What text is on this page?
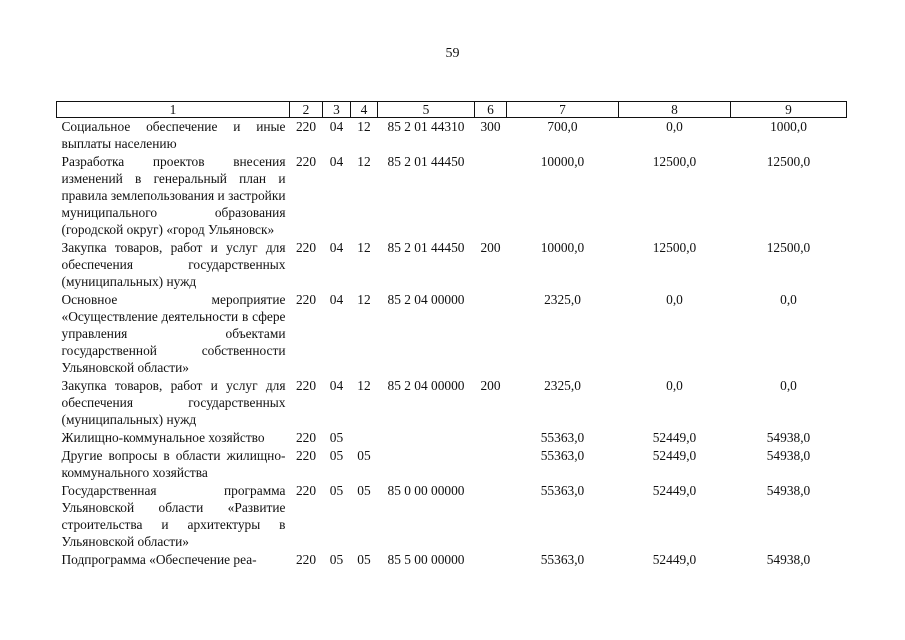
59
1	2	3	4	5	6	7	8	9
Социальное обеспечение и иные выплаты населению	220	04	12	85 2 01 44310	300	700,0	0,0	1000,0
Разработка проектов внесения изменений в генеральный план и правила землепользования и застройки муниципального образования (городской округ) «город Ульяновск»	220	04	12	85 2 01 44450		10000,0	12500,0	12500,0
Закупка товаров, работ и услуг для обеспечения государственных (муниципальных) нужд	220	04	12	85 2 01 44450	200	10000,0	12500,0	12500,0
Основное мероприятие «Осуществление деятельности в сфере управления объектами государственной собственности Ульяновской области»	220	04	12	85 2 04 00000		2325,0	0,0	0,0
Закупка товаров, работ и услуг для обеспечения государственных (муниципальных) нужд	220	04	12	85 2 04 00000	200	2325,0	0,0	0,0
Жилищно-коммунальное хозяйство	220	05				55363,0	52449,0	54938,0
Другие вопросы в области жилищно-коммунального хозяйства	220	05	05			55363,0	52449,0	54938,0
Государственная программа Ульяновской области «Развитие строительства и архитектуры в Ульяновской области»	220	05	05	85 0 00 00000		55363,0	52449,0	54938,0
Подпрограмма «Обеспечение реа-	220	05	05	85 5 00 00000		55363,0	52449,0	54938,0
